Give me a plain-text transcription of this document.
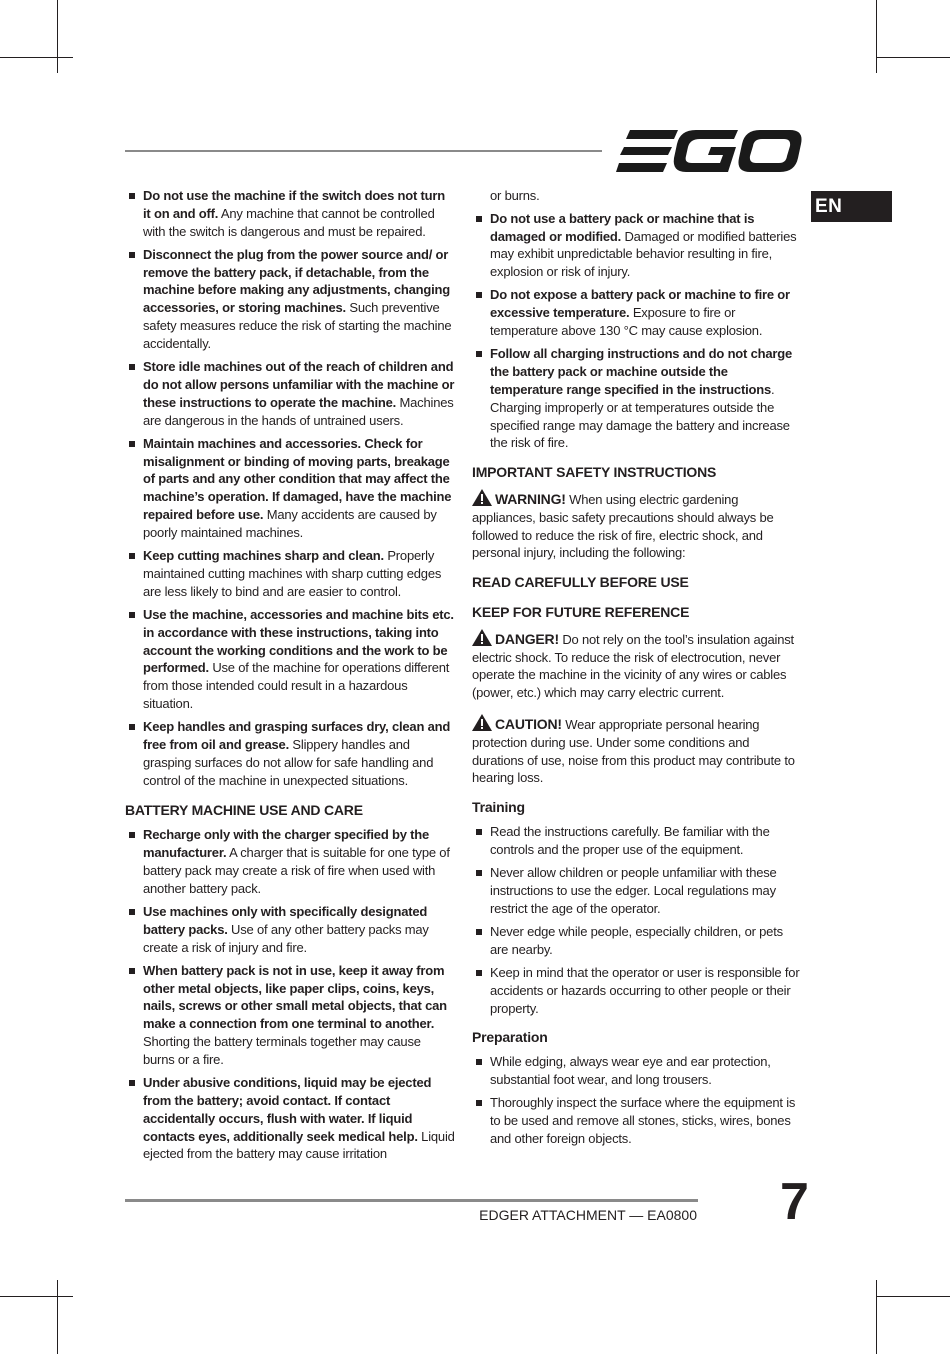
EN
Do not use the machine if the switch does not turn it on and off. Any machine that cannot be controlled with the switch is dangerous and must be repaired.
Disconnect the plug from the power source and/ or remove the battery pack, if detachable, from the machine before making any adjustments, changing accessories, or storing machines. Such preventive safety measures reduce the risk of starting the machine accidentally.
Store idle machines out of the reach of children and do not allow persons unfamiliar with the machine or these instructions to operate the machine. Machines are dangerous in the hands of untrained users.
Maintain machines and accessories. Check for misalignment or binding of moving parts, breakage of parts and any other condition that may affect the machine’s operation. If damaged, have the machine repaired before use. Many accidents are caused by poorly maintained machines.
Keep cutting machines sharp and clean. Properly maintained cutting machines with sharp cutting edges are less likely to bind and are easier to control.
Use the machine, accessories and machine bits etc. in accordance with these instructions, taking into account the working conditions and the work to be performed. Use of the machine for operations different from those intended could result in a hazardous situation.
Keep handles and grasping surfaces dry, clean and free from oil and grease. Slippery handles and grasping surfaces do not allow for safe handling and control of the machine in unexpected situations.
BATTERY MACHINE USE AND CARE
Recharge only with the charger specified by the manufacturer. A charger that is suitable for one type of battery pack may create a risk of fire when used with another battery pack.
Use machines only with specifically designated battery packs. Use of any other battery packs may create a risk of injury and fire.
When battery pack is not in use, keep it away from other metal objects, like paper clips, coins, keys, nails, screws or other small metal objects, that can make a connection from one terminal to another. Shorting the battery terminals together may cause burns or a fire.
Under abusive conditions, liquid may be ejected from the battery; avoid contact. If contact accidentally occurs, flush with water. If liquid contacts eyes, additionally seek medical help. Liquid ejected from the battery may cause irritation
or burns.
Do not use a battery pack or machine that is damaged or modified. Damaged or modified batteries may exhibit unpredictable behavior resulting in fire, explosion or risk of injury.
Do not expose a battery pack or machine to fire or excessive temperature. Exposure to fire or temperature above 130 °C may cause explosion.
Follow all charging instructions and do not charge the battery pack or machine outside the temperature range specified in the instructions. Charging improperly or at temperatures outside the specified range may damage the battery and increase the risk of fire.
IMPORTANT SAFETY INSTRUCTIONS
WARNING! When using electric gardening appliances, basic safety precautions should always be followed to reduce the risk of fire, electric shock, and personal injury, including the following:
READ CAREFULLY BEFORE USE
KEEP FOR FUTURE REFERENCE
DANGER! Do not rely on the tool’s insulation against electric shock. To reduce the risk of electrocution, never operate the machine in the vicinity of any wires or cables (power, etc.) which may carry electric current.
CAUTION! Wear appropriate personal hearing protection during use. Under some conditions and durations of use, noise from this product may contribute to hearing loss.
Training
Read the instructions carefully. Be familiar with the controls and the proper use of the equipment.
Never allow children or people unfamiliar with these instructions to use the edger. Local regulations may restrict the age of the operator.
Never edge while people, especially children, or pets are nearby.
Keep in mind that the operator or user is responsible for accidents or hazards occurring to other people or their property.
Preparation
While edging, always wear eye and ear protection, substantial foot wear, and long trousers.
Thoroughly inspect the surface where the equipment is to be used and remove all stones, sticks, wires, bones and other foreign objects.
EDGER ATTACHMENT — EA0800 7
